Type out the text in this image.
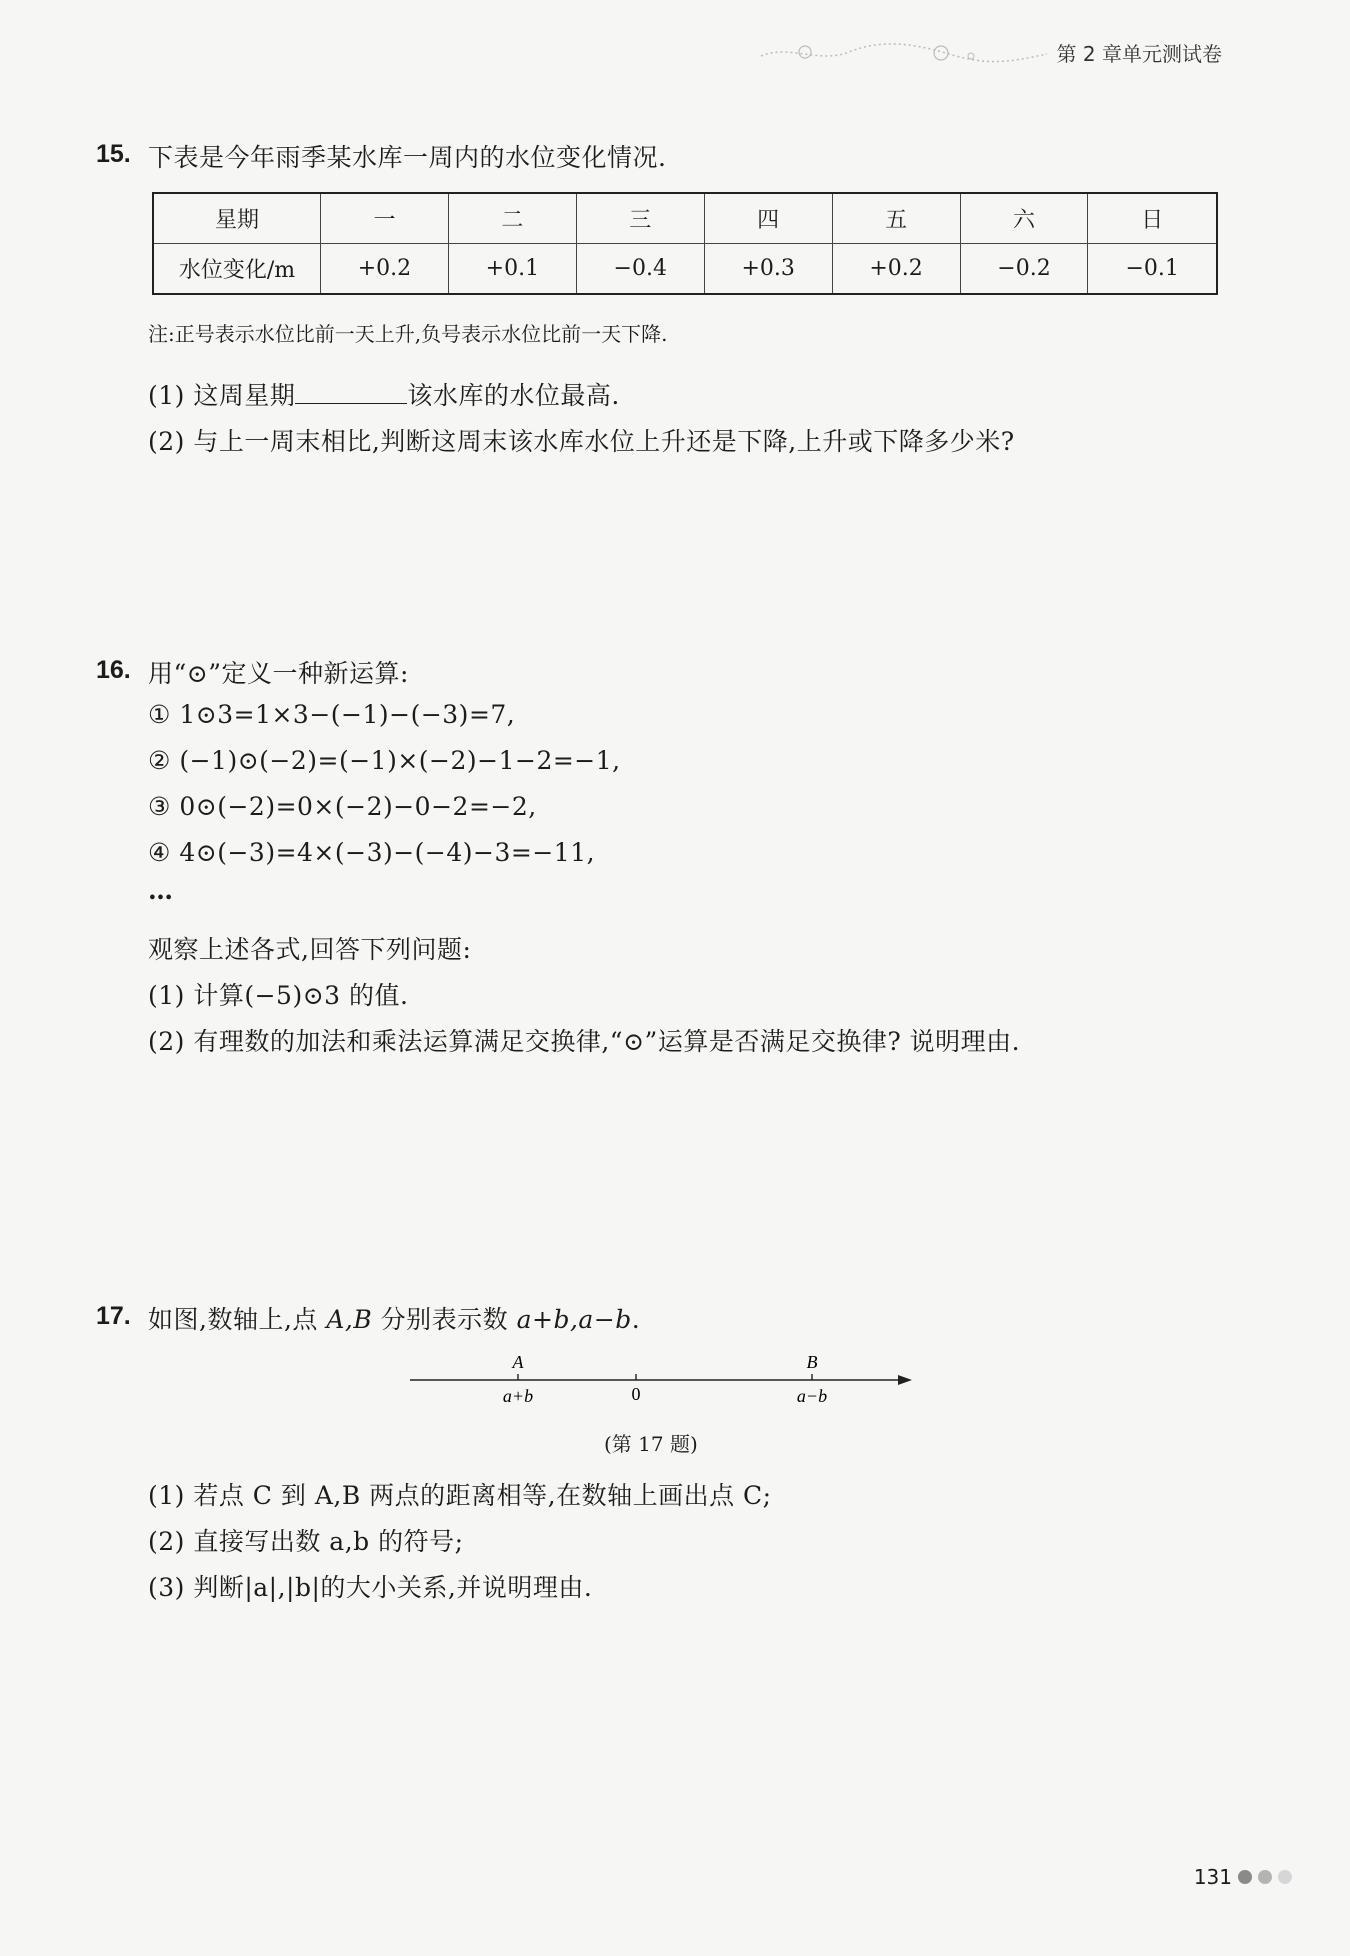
第 2 章单元测试卷
15. 下表是今年雨季某水库一周内的水位变化情况.
星期	一	二	三	四	五	六	日
水位变化/m	+0.2	+0.1	−0.4	+0.3	+0.2	−0.2	−0.1
注:正号表示水位比前一天上升,负号表示水位比前一天下降.
(1) 这周星期	该水库的水位最高.
(2) 与上一周末相比,判断这周末该水库水位上升还是下降,上升或下降多少米?
16. 用“⊙”定义一种新运算:
① 1⊙3=1×3−(−1)−(−3)=7,
② (−1)⊙(−2)=(−1)×(−2)−1−2=−1,
③ 0⊙(−2)=0×(−2)−0−2=−2,
④ 4⊙(−3)=4×(−3)−(−4)−3=−11,
…
观察上述各式,回答下列问题:
(1) 计算(−5)⊙3 的值.
(2) 有理数的加法和乘法运算满足交换律,“⊙”运算是否满足交换律? 说明理由.
17. 如图,数轴上,点 A,B 分别表示数 a+b,a−b.
A	B
a+b	0	a−b
(第 17 题)
(1) 若点 C 到 A,B 两点的距离相等,在数轴上画出点 C;
(2) 直接写出数 a,b 的符号;
(3) 判断|a|,|b|的大小关系,并说明理由.
131
